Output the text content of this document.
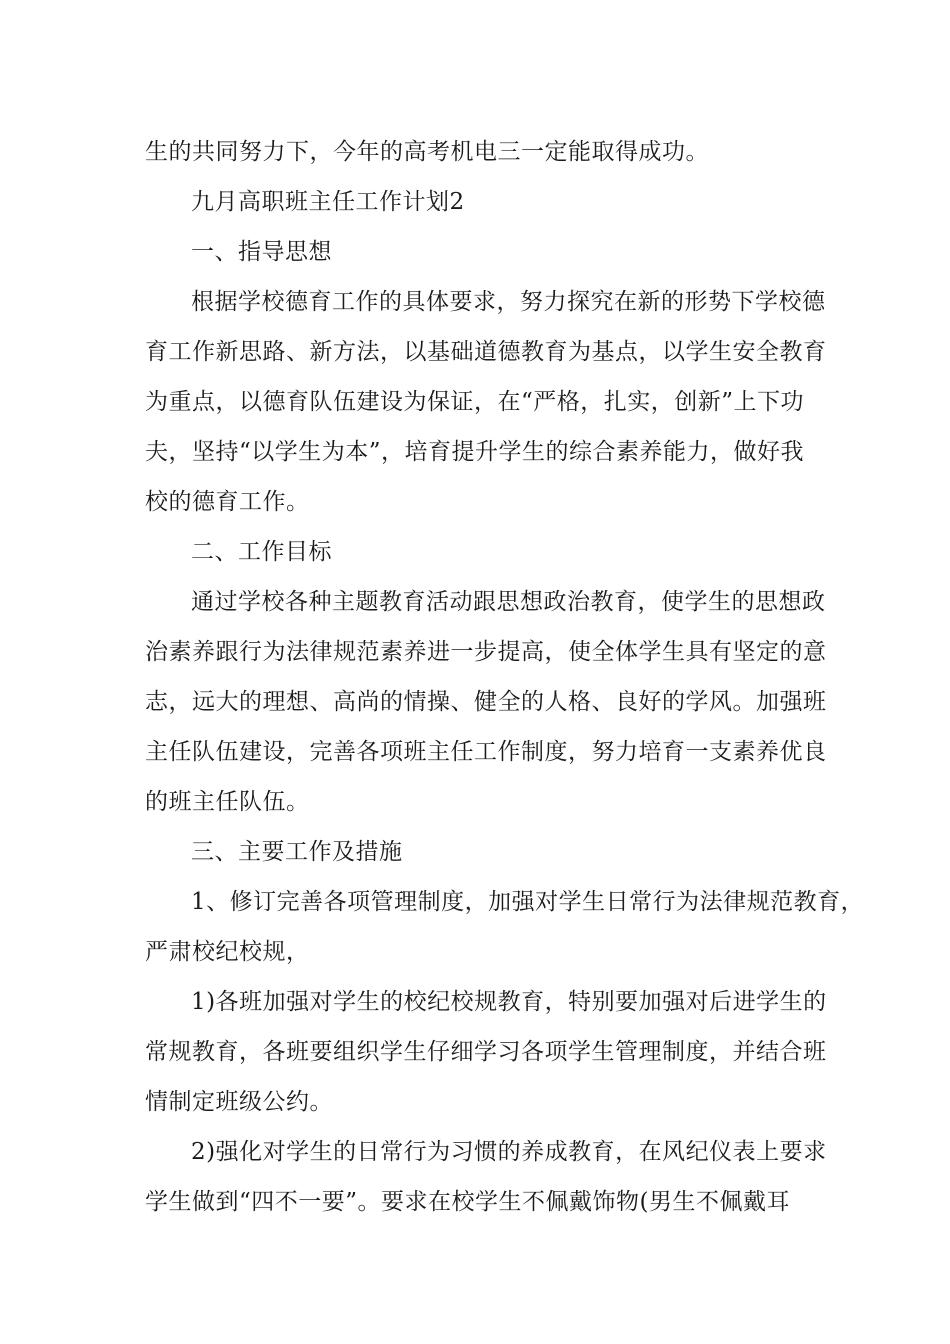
生的共同努力下，今年的高考机电三一定能取得成功。
九月高职班主任工作计划2
一、指导思想
根据学校德育工作的具体要求，努力探究在新的形势下学校德
育工作新思路、新方法，以基础道德教育为基点，以学生安全教育
为重点，以德育队伍建设为保证，在“严格，扎实，创新”上下功
夫，坚持“以学生为本”，培育提升学生的综合素养能力，做好我
校的德育工作。
二、工作目标
通过学校各种主题教育活动跟思想政治教育，使学生的思想政
治素养跟行为法律规范素养进一步提高，使全体学生具有坚定的意
志，远大的理想、高尚的情操、健全的人格、良好的学风。加强班
主任队伍建设，完善各项班主任工作制度，努力培育一支素养优良
的班主任队伍。
三、主要工作及措施
1、修订完善各项管理制度，加强对学生日常行为法律规范教育，
严肃校纪校规，
1)各班加强对学生的校纪校规教育，特别要加强对后进学生的
常规教育，各班要组织学生仔细学习各项学生管理制度，并结合班
情制定班级公约。
2)强化对学生的日常行为习惯的养成教育，在风纪仪表上要求
学生做到“四不一要”。要求在校学生不佩戴饰物(男生不佩戴耳
